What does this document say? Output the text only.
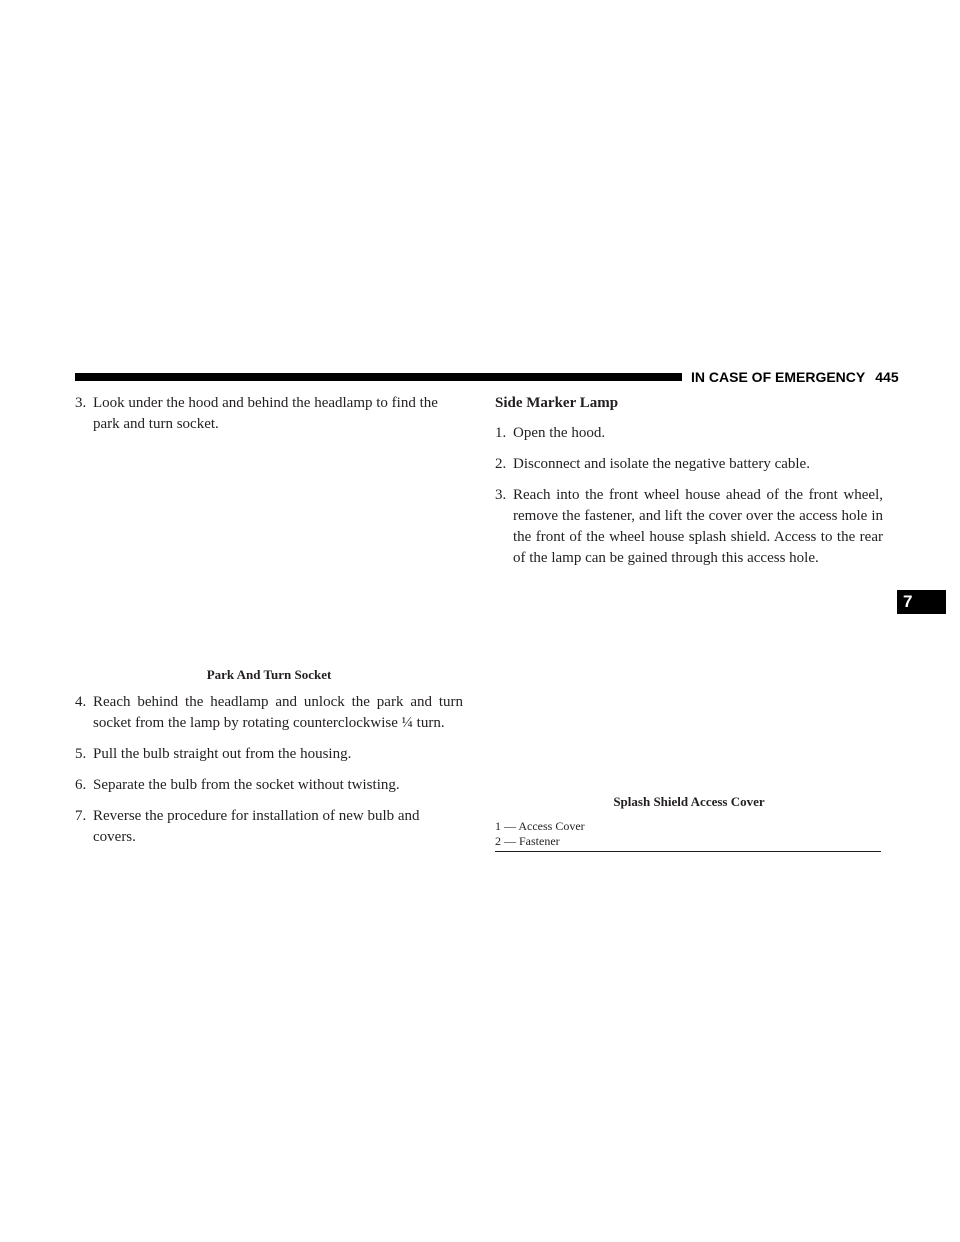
IN CASE OF EMERGENCY 445

3. Look under the hood and behind the headlamp to find the park and turn socket.

Park And Turn Socket

4. Reach behind the headlamp and unlock the park and turn socket from the lamp by rotating counterclockwise ¼ turn.

5. Pull the bulb straight out from the housing.

6. Separate the bulb from the socket without twisting.

7. Reverse the procedure for installation of new bulb and covers.

Side Marker Lamp

1. Open the hood.

2. Disconnect and isolate the negative battery cable.

3. Reach into the front wheel house ahead of the front wheel, remove the fastener, and lift the cover over the access hole in the front of the wheel house splash shield. Access to the rear of the lamp can be gained through this access hole.

Splash Shield Access Cover

1 — Access Cover
2 — Fastener
7
